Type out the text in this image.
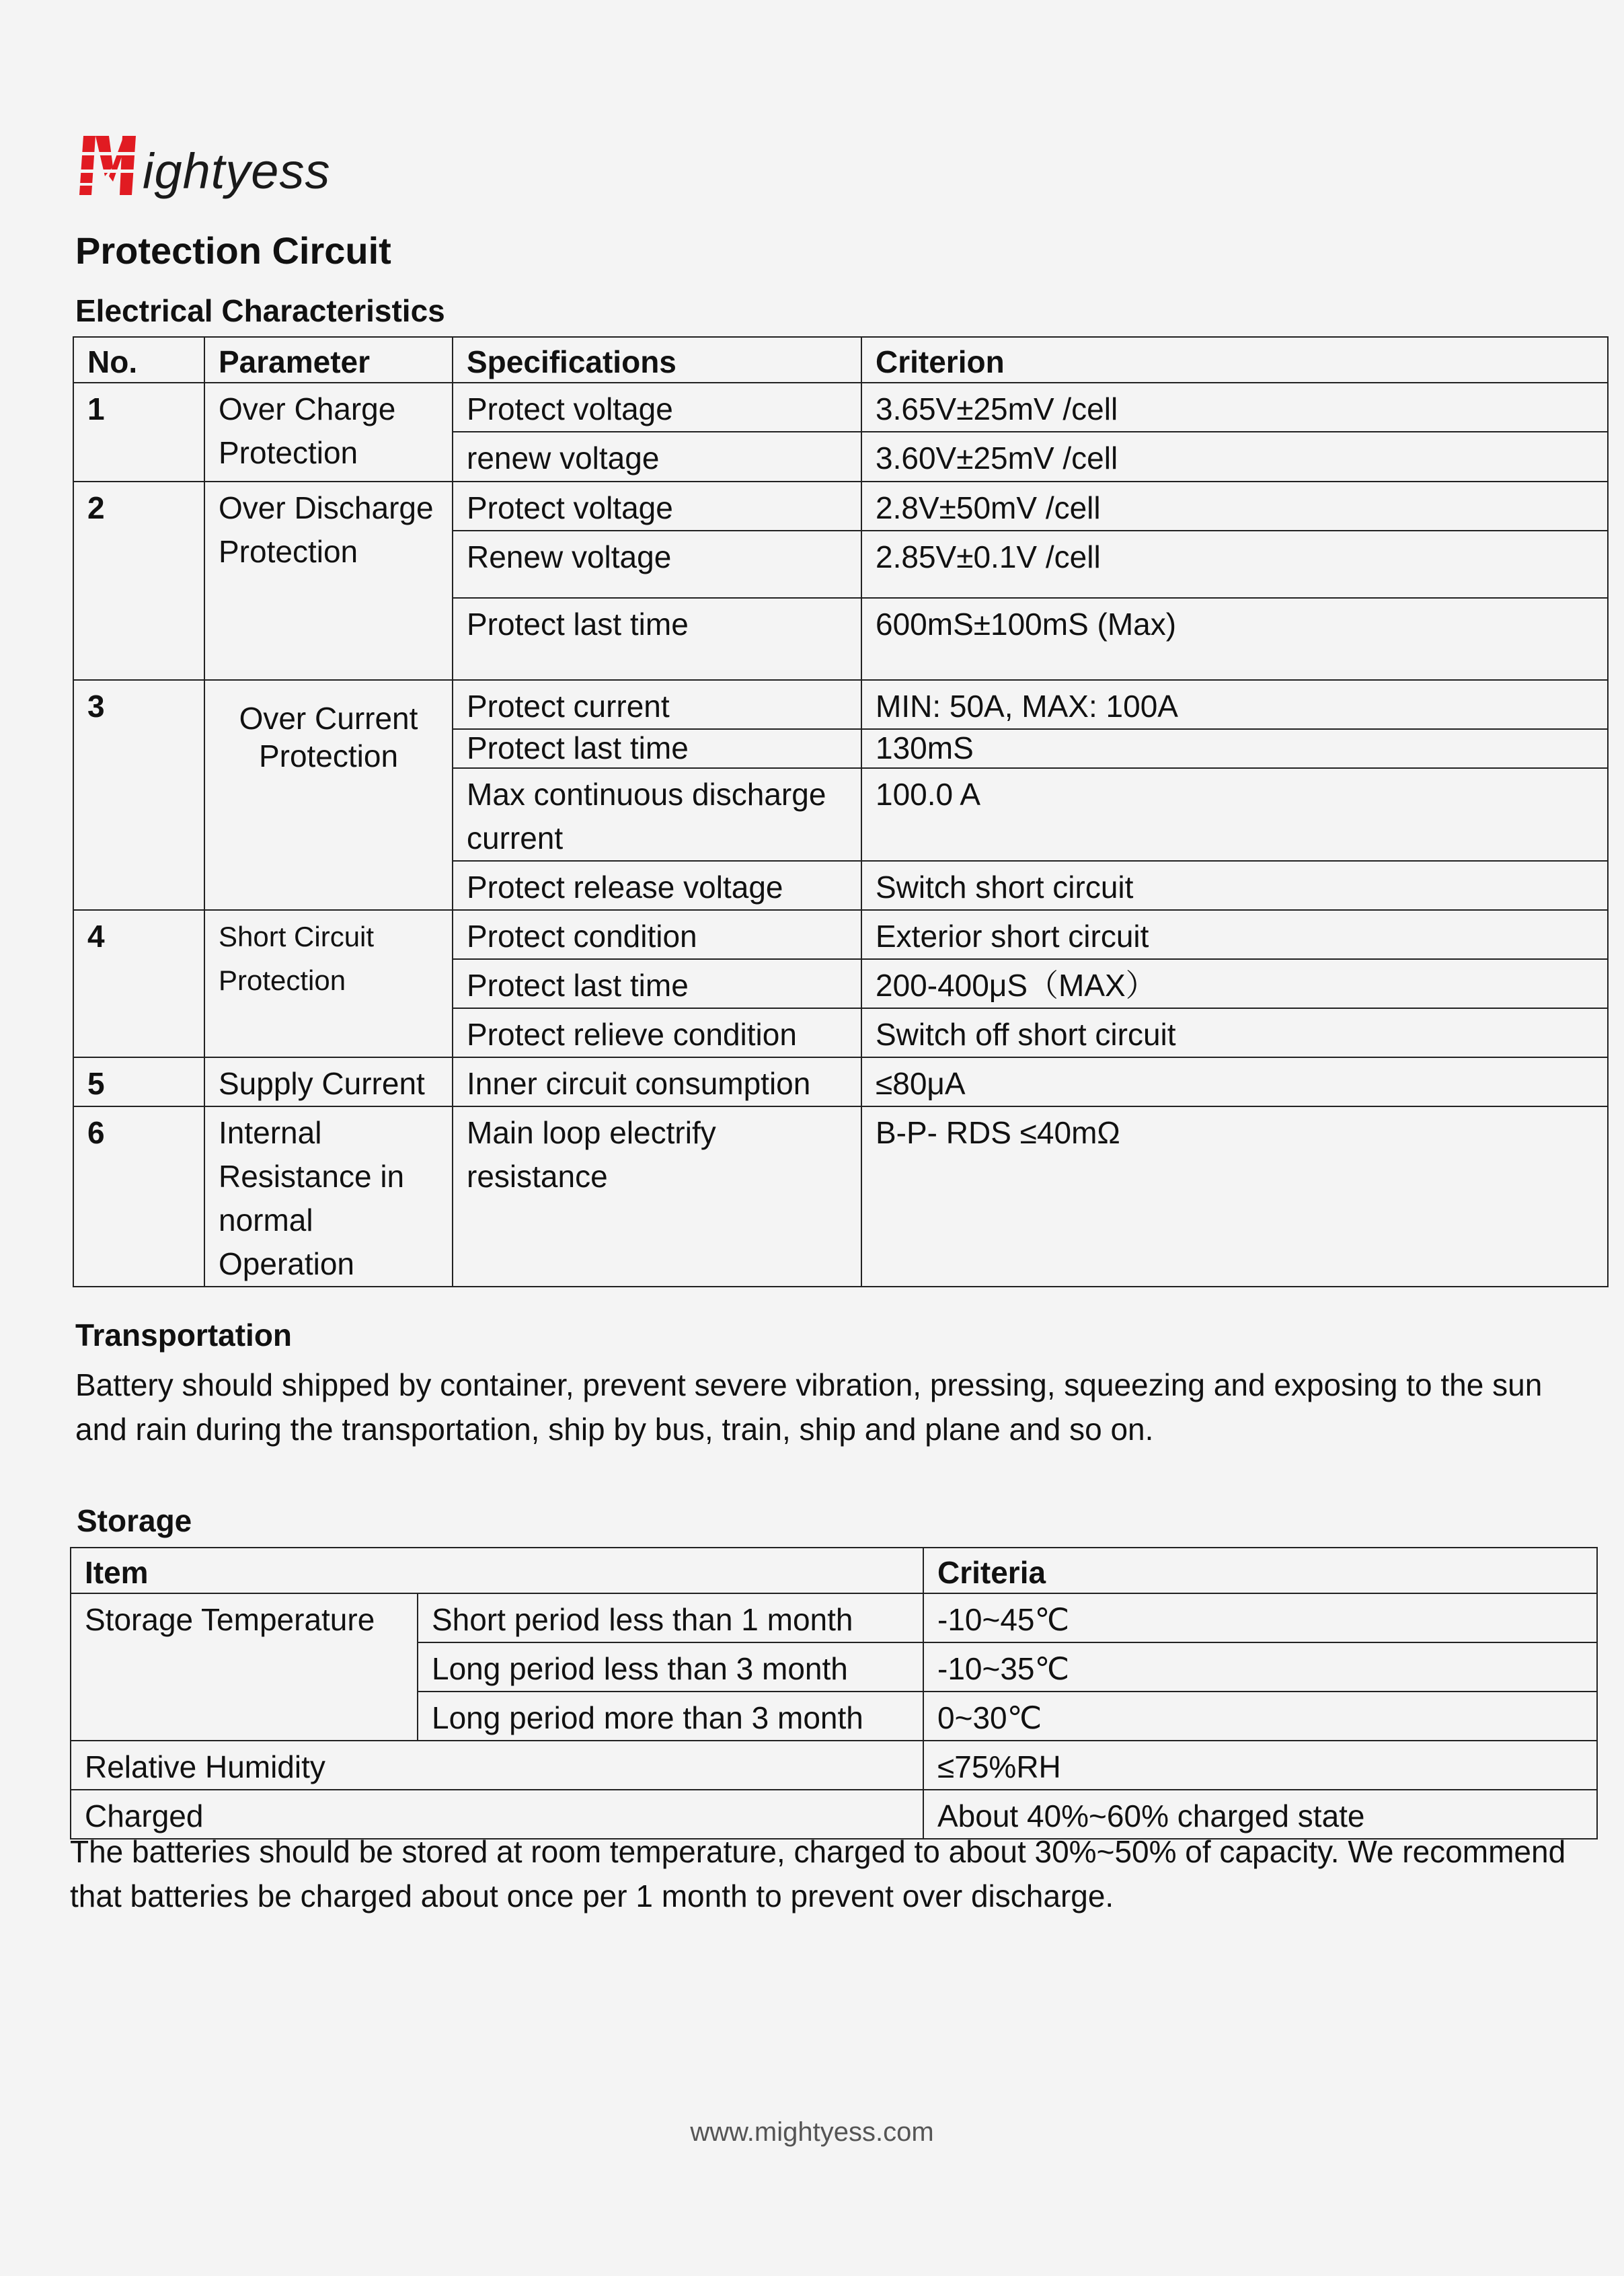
ightyess
Protection Circuit
Electrical Characteristics
No.	Parameter	Specifications	Criterion
1	Over Charge Protection	Protect voltage	3.65V±25mV /cell
		renew voltage	3.60V±25mV /cell
2	Over Discharge Protection	Protect voltage	2.8V±50mV /cell
		Renew voltage	2.85V±0.1V /cell
		Protect last time	600mS±100mS (Max)
3	Over Current Protection	Protect current	MIN: 50A, MAX: 100A
		Protect last time	130mS
		Max continuous discharge current	100.0 A
		Protect release voltage	Switch short circuit
4	Short Circuit Protection	Protect condition	Exterior short circuit
		Protect last time	200-400μS（MAX）
		Protect relieve condition	Switch off short circuit
5	Supply Current	Inner circuit consumption	≤80μA
6	Internal Resistance in normal Operation	Main loop electrify resistance	B-P- RDS ≤40mΩ
Transportation
Battery should shipped by container, prevent severe vibration, pressing, squeezing and exposing to the sun and rain during the transportation, ship by bus, train, ship and plane and so on.
Storage
Item		Criteria
Storage Temperature	Short period less than 1 month	-10~45℃
	Long period less than 3 month	-10~35℃
	Long period more than 3 month	0~30℃
Relative Humidity		≤75%RH
Charged		About 40%~60% charged state
The batteries should be stored at room temperature, charged to about 30%~50% of capacity. We recommend that batteries be charged about once per 1 month to prevent over discharge.
www.mightyess.com
